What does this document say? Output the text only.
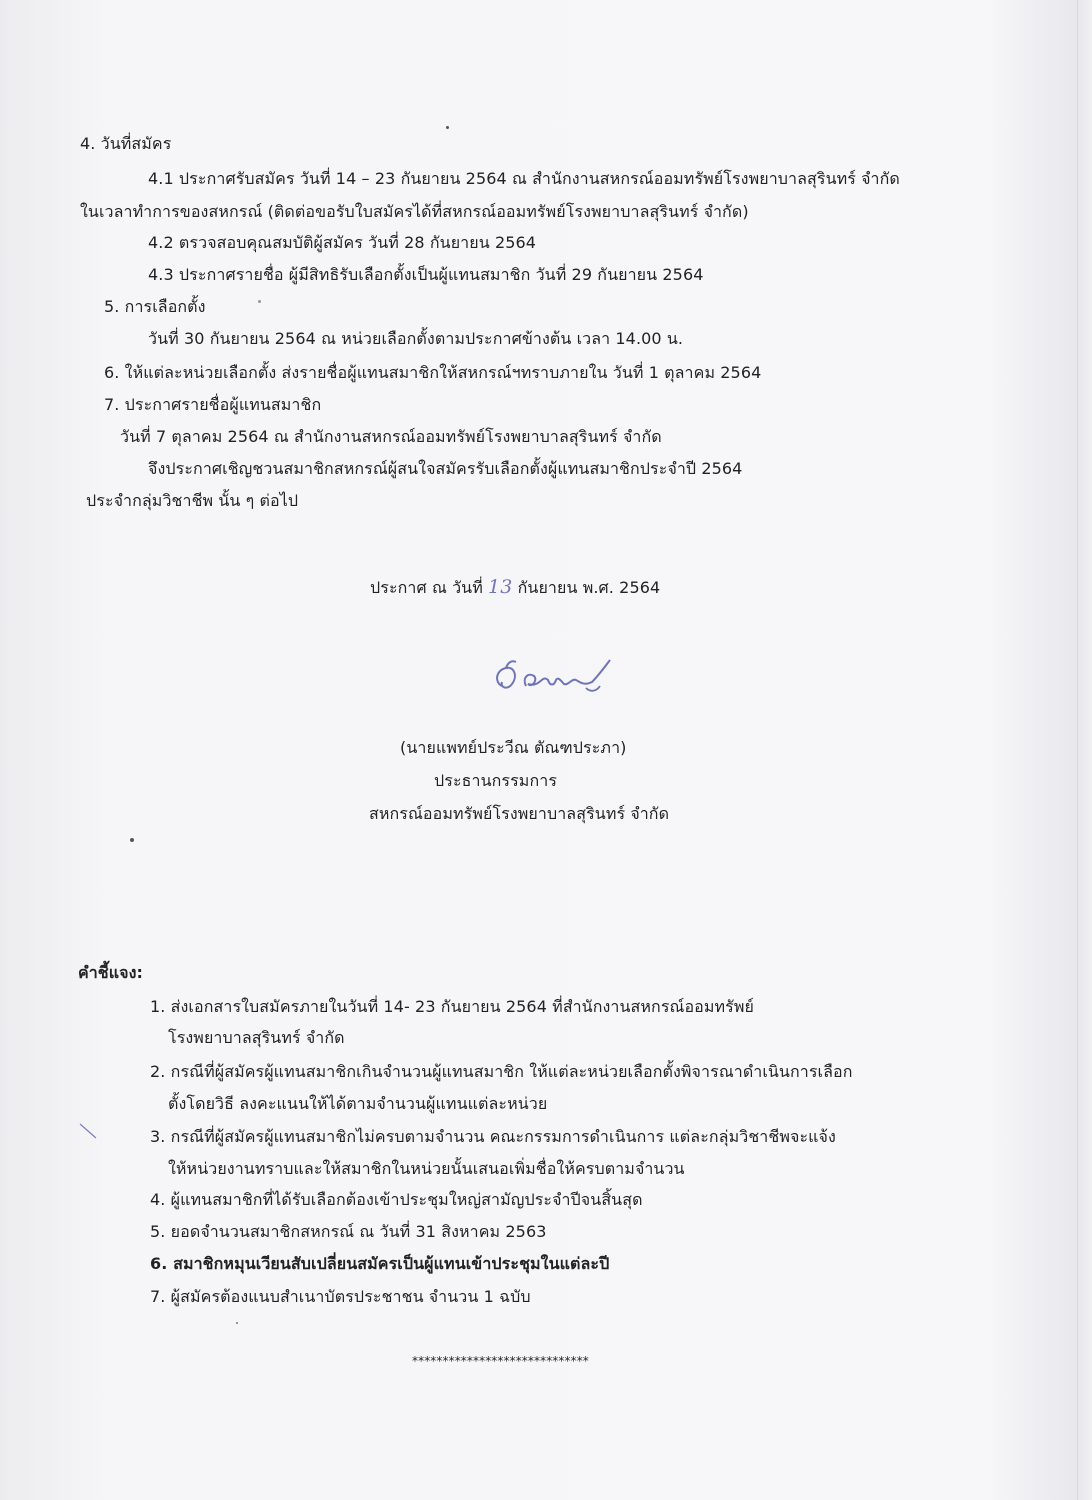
4. วันที่สมัคร
4.1 ประกาศรับสมัคร วันที่ 14 – 23 กันยายน 2564 ณ สำนักงานสหกรณ์ออมทรัพย์โรงพยาบาลสุรินทร์ จำกัด
ในเวลาทำการของสหกรณ์ (ติดต่อขอรับใบสมัครได้ที่สหกรณ์ออมทรัพย์โรงพยาบาลสุรินทร์ จำกัด)
4.2 ตรวจสอบคุณสมบัติผู้สมัคร วันที่ 28 กันยายน 2564
4.3 ประกาศรายชื่อ ผู้มีสิทธิรับเลือกตั้งเป็นผู้แทนสมาชิก วันที่ 29 กันยายน 2564
5. การเลือกตั้ง
วันที่ 30 กันยายน 2564 ณ หน่วยเลือกตั้งตามประกาศข้างต้น เวลา 14.00 น.
6. ให้แต่ละหน่วยเลือกตั้ง ส่งรายชื่อผู้แทนสมาชิกให้สหกรณ์ฯทราบภายใน วันที่ 1 ตุลาคม 2564
7. ประกาศรายชื่อผู้แทนสมาชิก
วันที่ 7 ตุลาคม 2564 ณ สำนักงานสหกรณ์ออมทรัพย์โรงพยาบาลสุรินทร์ จำกัด
จึงประกาศเชิญชวนสมาชิกสหกรณ์ผู้สนใจสมัครรับเลือกตั้งผู้แทนสมาชิกประจำปี 2564
ประจำกลุ่มวิชาชีพ นั้น ๆ ต่อไป
ประกาศ ณ วันที่ 13 กันยายน พ.ศ. 2564
(นายแพทย์ประวีณ ตัณฑประภา)
ประธานกรรมการ
สหกรณ์ออมทรัพย์โรงพยาบาลสุรินทร์ จำกัด
คำชี้แจง:
1. ส่งเอกสารใบสมัครภายในวันที่ 14- 23 กันยายน 2564 ที่สำนักงานสหกรณ์ออมทรัพย์
โรงพยาบาลสุรินทร์ จำกัด
2. กรณีที่ผู้สมัครผู้แทนสมาชิกเกินจำนวนผู้แทนสมาชิก ให้แต่ละหน่วยเลือกตั้งพิจารณาดำเนินการเลือก
ตั้งโดยวิธี ลงคะแนนให้ได้ตามจำนวนผู้แทนแต่ละหน่วย
3. กรณีที่ผู้สมัครผู้แทนสมาชิกไม่ครบตามจำนวน คณะกรรมการดำเนินการ แต่ละกลุ่มวิชาชีพจะแจ้ง
ให้หน่วยงานทราบและให้สมาชิกในหน่วยนั้นเสนอเพิ่มชื่อให้ครบตามจำนวน
4. ผู้แทนสมาชิกที่ได้รับเลือกต้องเข้าประชุมใหญ่สามัญประจำปีจนสิ้นสุด
5. ยอดจำนวนสมาชิกสหกรณ์ ณ วันที่ 31 สิงหาคม 2563
6. สมาชิกหมุนเวียนสับเปลี่ยนสมัครเป็นผู้แทนเข้าประชุมในแต่ละปี
7. ผู้สมัครต้องแนบสำเนาบัตรประชาชน จำนวน 1 ฉบับ
*****************************
